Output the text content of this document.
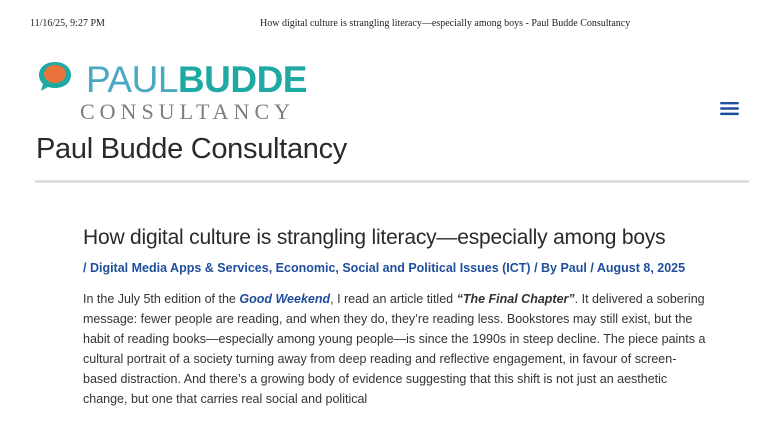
11/16/25, 9:27 PM	How digital culture is strangling literacy—especially among boys - Paul Budde Consultancy
PAULBUDDE
CONSULTANCY
Paul Budde Consultancy
How digital culture is strangling literacy—especially among boys
/ Digital Media Apps & Services, Economic, Social and Political Issues (ICT) / By Paul / August 8, 2025

In the July 5th edition of the Good Weekend, I read an article titled “The Final Chapter”. It delivered a sobering message: fewer people are reading, and when they do, they’re reading less. Bookstores may still exist, but the habit of reading books—especially among young people—is since the 1990s in steep decline. The piece paints a cultural portrait of a society turning away from deep reading and reflective engagement, in favour of screen-based distraction. And there’s a growing body of evidence suggesting that this shift is not just an aesthetic change, but one that carries real social and political
